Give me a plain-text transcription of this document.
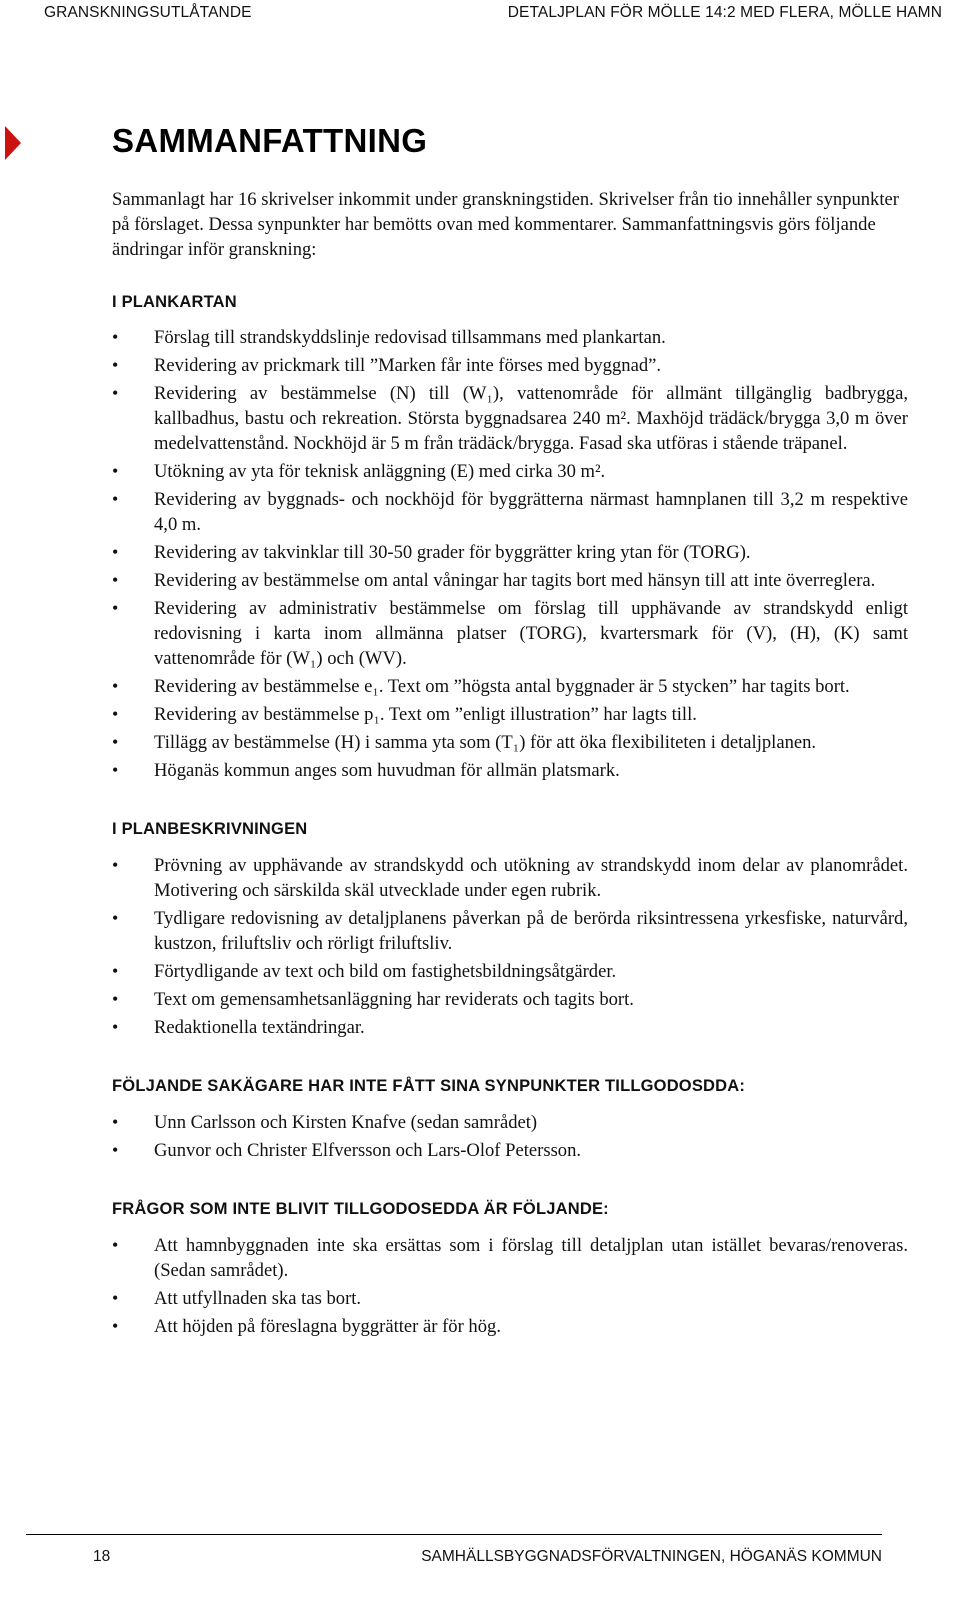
GRANSKNINGSUTLÅTANDE	DETALJPLAN FÖR MÖLLE 14:2 MED FLERA, MÖLLE HAMN
SAMMANFATTNING

Sammanlagt har 16 skrivelser inkommit under granskningstiden. Skrivelser från tio innehåller synpunkter på förslaget. Dessa synpunkter har bemötts ovan med kommentarer. Sammanfattningsvis görs följande ändringar inför granskning:

I PLANKARTAN
• Förslag till strandskyddslinje redovisad tillsammans med plankartan.
• Revidering av prickmark till ”Marken får inte förses med byggnad”.
• Revidering av bestämmelse (N) till (W₁), vattenområde för allmänt tillgänglig badbrygga, kallbadhus, bastu och rekreation. Största byggnadsarea 240 m². Maxhöjd trädäck/brygga 3,0 m över medelvattenstånd. Nockhöjd är 5 m från trädäck/brygga. Fasad ska utföras i stående träpanel.
• Utökning av yta för teknisk anläggning (E) med cirka 30 m².
• Revidering av byggnads- och nockhöjd för byggrätterna närmast hamnplanen till 3,2 m respektive 4,0 m.
• Revidering av takvinklar till 30-50 grader för byggrätter kring ytan för (TORG).
• Revidering av bestämmelse om antal våningar har tagits bort med hänsyn till att inte överreglera.
• Revidering av administrativ bestämmelse om förslag till upphävande av strandskydd enligt redovisning i karta inom allmänna platser (TORG), kvartersmark för (V), (H), (K) samt vattenområde för (W₁) och (WV).
• Revidering av bestämmelse e₁. Text om ”högsta antal byggnader är 5 stycken” har tagits bort.
• Revidering av bestämmelse p₁. Text om ”enligt illustration” har lagts till.
• Tillägg av bestämmelse (H) i samma yta som (T₁) för att öka flexibiliteten i detaljplanen.
• Höganäs kommun anges som huvudman för allmän platsmark.
I PLANBESKRIVNINGEN
• Prövning av upphävande av strandskydd och utökning av strandskydd inom delar av planområdet. Motivering och särskilda skäl utvecklade under egen rubrik.
• Tydligare redovisning av detaljplanens påverkan på de berörda riksintressena yrkesfiske, naturvård, kustzon, friluftsliv och rörligt friluftsliv.
• Förtydligande av text och bild om fastighetsbildningsåtgärder.
• Text om gemensamhetsanläggning har reviderats och tagits bort.
• Redaktionella textändringar.
FÖLJANDE SAKÄGARE HAR INTE FÅTT SINA SYNPUNKTER TILLGODOSDDA:
• Unn Carlsson och Kirsten Knafve (sedan samrådet)
• Gunvor och Christer Elfversson och Lars-Olof Petersson.
FRÅGOR SOM INTE BLIVIT TILLGODOSEDDA ÄR FÖLJANDE:
• Att hamnbyggnaden inte ska ersättas som i förslag till detaljplan utan istället bevaras/renoveras. (Sedan samrådet).
• Att utfyllnaden ska tas bort.
• Att höjden på föreslagna byggrätter är för hög.
18	SAMHÄLLSBYGGNADSFÖRVALTNINGEN, HÖGANÄS KOMMUN
